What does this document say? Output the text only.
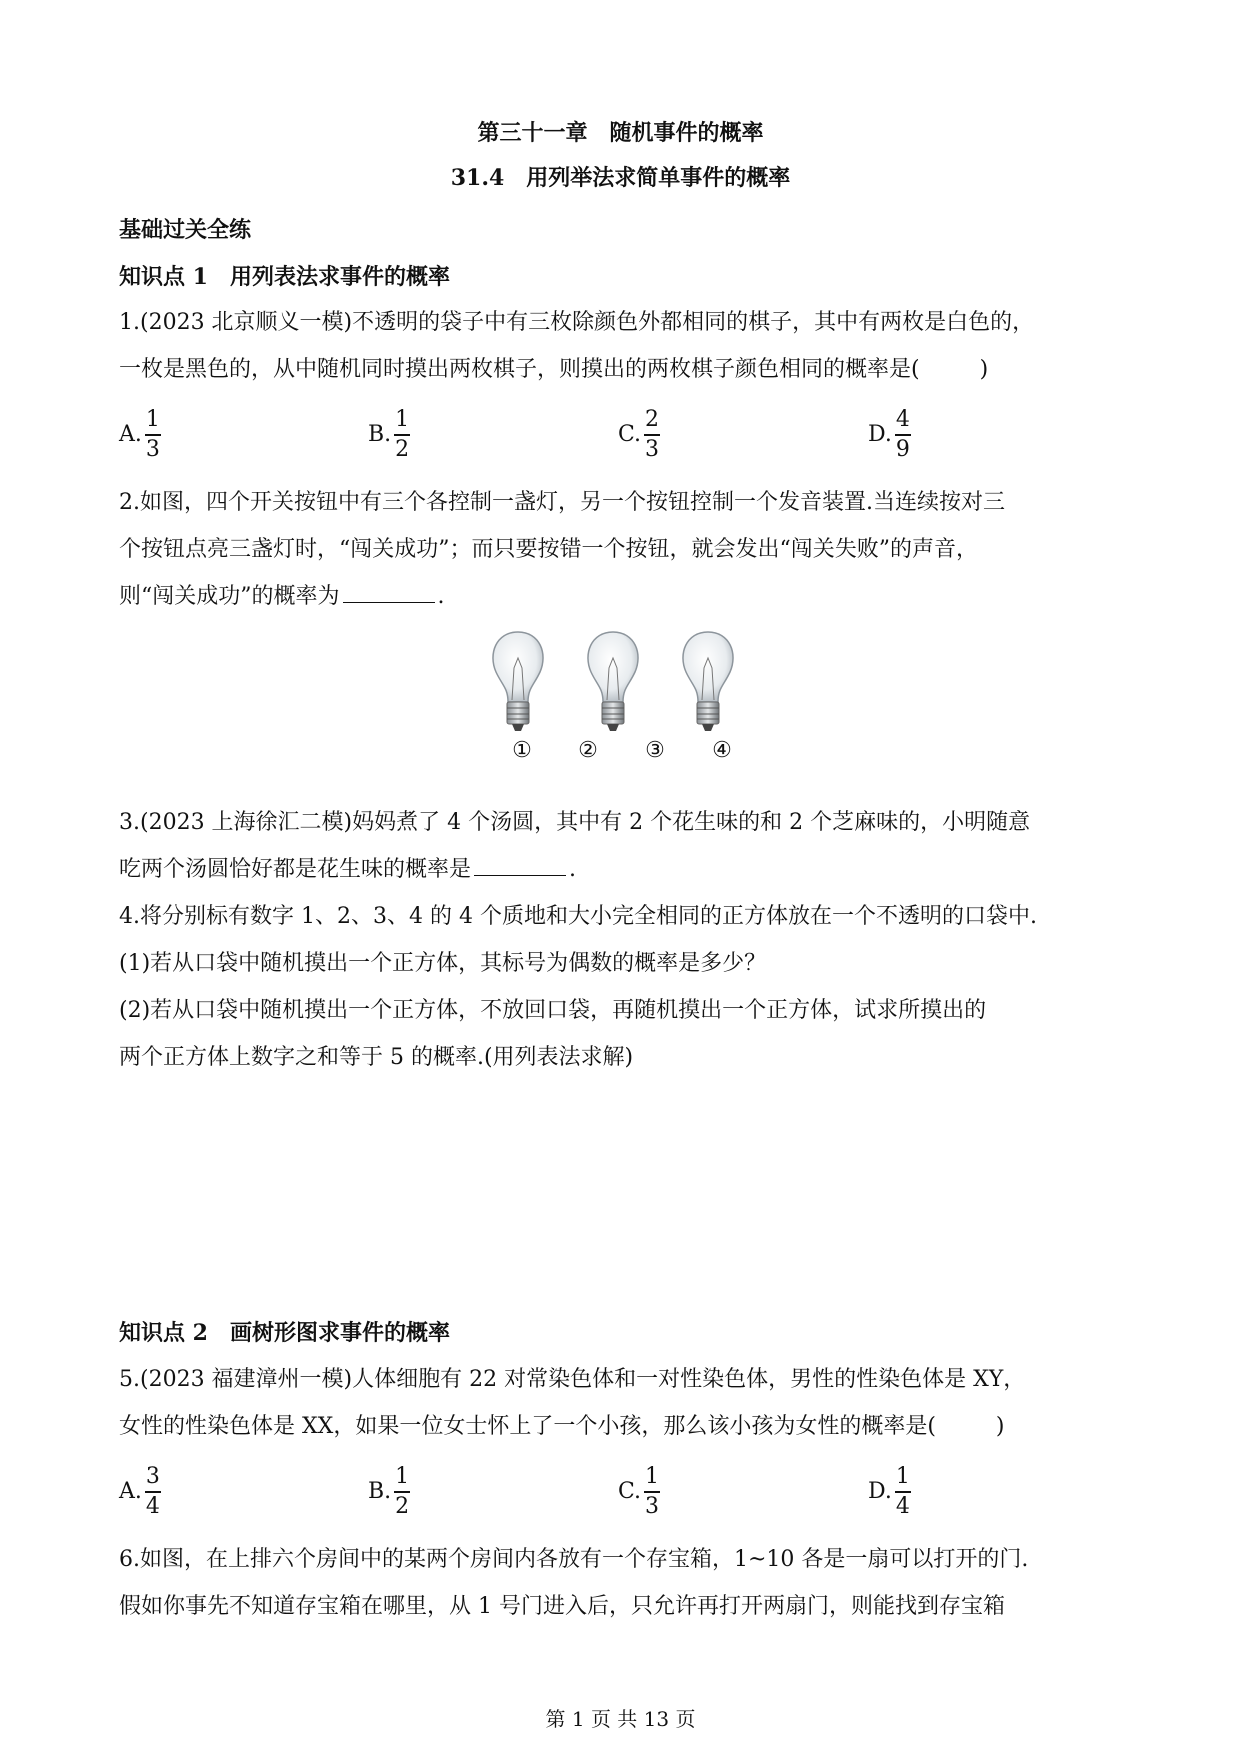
第三十一章　随机事件的概率
31.4　用列举法求简单事件的概率
基础过关全练
知识点 1　用列表法求事件的概率
1.(2023 北京顺义一模)不透明的袋子中有三枚除颜色外都相同的棋子，其中有两枚是白色的，
一枚是黑色的，从中随机同时摸出两枚棋子，则摸出的两枚棋子颜色相同的概率是(	)
A. $\frac{1}{3}$	B. $\frac{1}{2}$	C. $\frac{2}{3}$	D. $\frac{4}{9}$
2.如图，四个开关按钮中有三个各控制一盏灯，另一个按钮控制一个发音装置.当连续按对三
个按钮点亮三盏灯时，“闯关成功”；而只要按错一个按钮，就会发出“闯关失败”的声音，
则“闯关成功”的概率为	.
①	②	③	④
3.(2023 上海徐汇二模)妈妈煮了 4 个汤圆，其中有 2 个花生味的和 2 个芝麻味的，小明随意
吃两个汤圆恰好都是花生味的概率是	.
4.将分别标有数字 1、2、3、4 的 4 个质地和大小完全相同的正方体放在一个不透明的口袋中.
(1)若从口袋中随机摸出一个正方体，其标号为偶数的概率是多少？
(2)若从口袋中随机摸出一个正方体，不放回口袋，再随机摸出一个正方体，试求所摸出的
两个正方体上数字之和等于 5 的概率.(用列表法求解)
知识点 2　画树形图求事件的概率
5.(2023 福建漳州一模)人体细胞有 22 对常染色体和一对性染色体，男性的性染色体是 XY，
女性的性染色体是 XX，如果一位女士怀上了一个小孩，那么该小孩为女性的概率是(	)
A. $\frac{3}{4}$	B. $\frac{1}{2}$	C. $\frac{1}{3}$	D. $\frac{1}{4}$
6.如图，在上排六个房间中的某两个房间内各放有一个存宝箱，1~10 各是一扇可以打开的门.
假如你事先不知道存宝箱在哪里，从 1 号门进入后，只允许再打开两扇门，则能找到存宝箱
第 1 页 共 13 页
